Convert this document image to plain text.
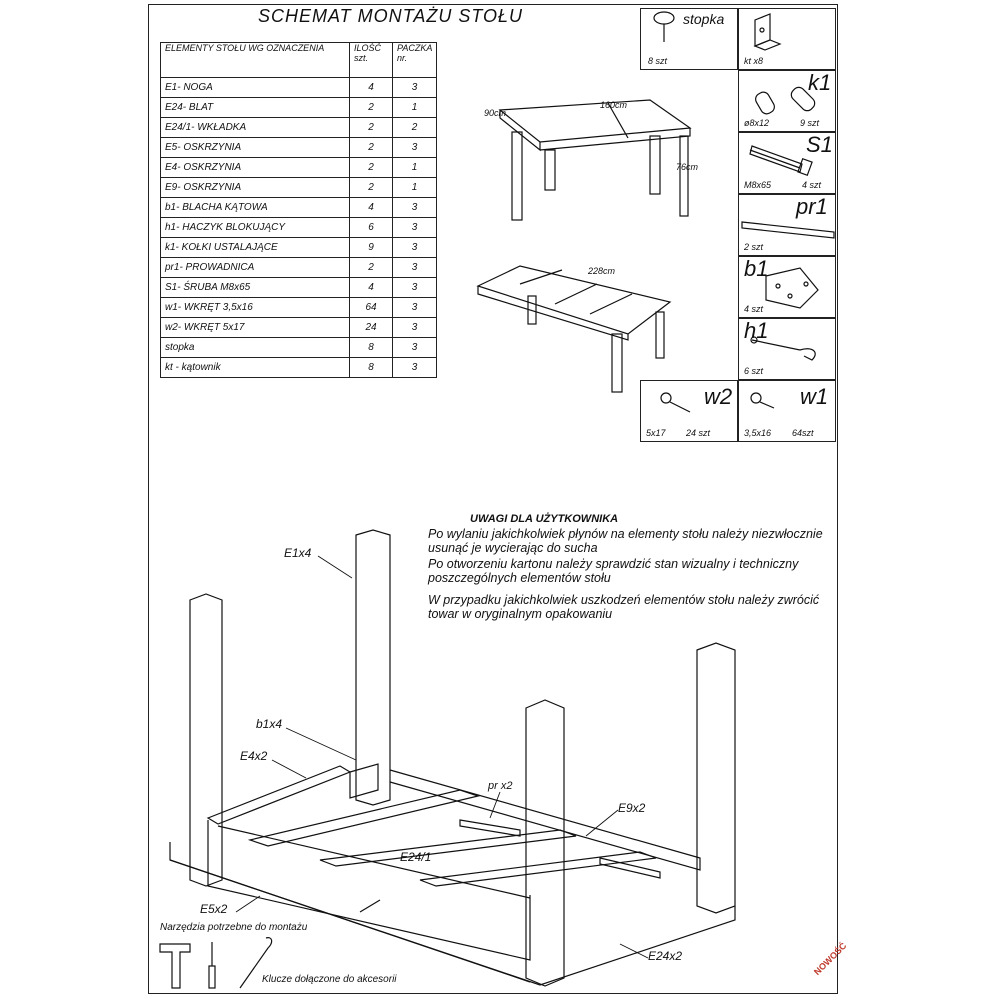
SCHEMAT MONTAŻU STOŁU
ELEMENTY STOŁU WG OZNACZENIA	ILOŚĆ szt.	PACZKA nr.
E1- NOGA	4	3
E24- BLAT	2	1
E24/1- WKŁADKA	2	2
E5- OSKRZYNIA	2	3
E4- OSKRZYNIA	2	1
E9- OSKRZYNIA	2	1
b1- BLACHA KĄTOWA	4	3
h1- HACZYK BLOKUJĄCY	6	3
k1- KOŁKI USTALAJĄCE	9	3
pr1- PROWADNICA	2	3
S1- ŚRUBA M8x65	4	3
w1- WKRĘT 3,5x16	64	3
w2- WKRĘT 5x17	24	3
stopka	8	3
kt - kątownik	8	3
stopka
8 szt	kt x8
k1
ø8x12	9 szt
S1
M8x65	4 szt
pr1
2 szt
b1
4 szt
h1
6 szt
w2
5x17 24 szt
w1
3,5x16 64szt
160cm
90cm
76cm
228cm
UWAGI DLA UŻYTKOWNIKA
Po wylaniu jakichkolwiek płynów na elementy stołu należy niezwłocznie usunąć je wycierając do sucha
Po otworzeniu kartonu należy sprawdzić stan wizualny i techniczny poszczególnych elementów stołu
W przypadku jakichkolwiek uszkodzeń elementów stołu należy zwrócić towar w oryginalnym opakowaniu
E1x4
b1x4
E4x2
pr x2
E9x2
E24/1
E5x2
E24x2
Narzędzia potrzebne do montażu
Klucze dołączone do akcesorii
NOWOŚĆ
